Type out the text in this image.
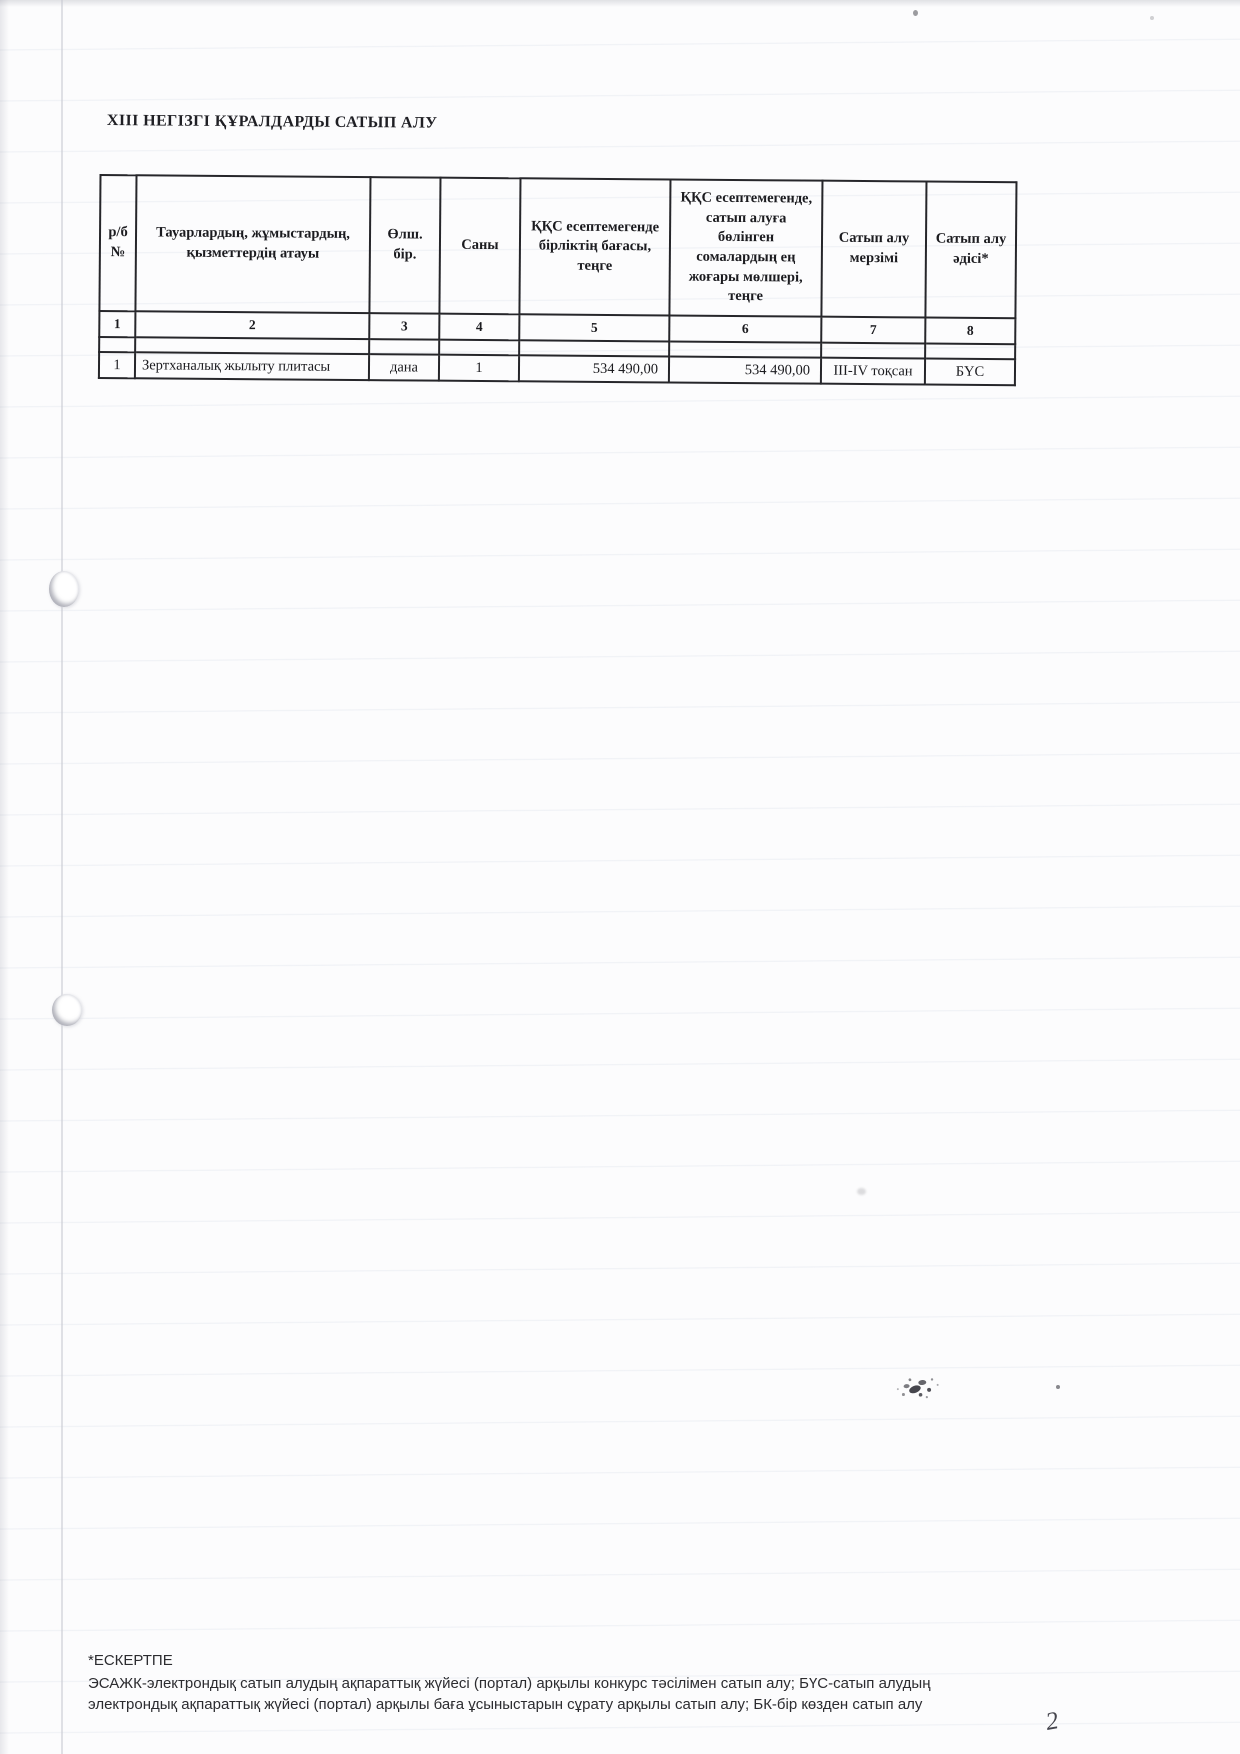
XIII НЕГІЗГІ ҚҰРАЛДАРДЫ САТЫП АЛУ
р/б
№	Тауарлардың, жұмыстардың, қызметтердің атауы	Өлш. бір.	Саны	ҚҚС есептемегенде бірліктің бағасы, теңге	ҚҚС есептемегенде, сатып алуға бөлінген сомалардың ең жоғары мөлшері, теңге	Сатып алу мерзімі	Сатып алу әдісі*
1	2	3	4	5	6	7	8

1	Зертханалық жылыту плитасы	дана	1	534 490,00	534 490,00	III-IV тоқсан	БҮС
*ЕСКЕРТПЕ
ЭСАЖК-электрондық сатып алудың ақпараттық жүйесі (портал) арқылы конкурс тәсілімен сатып алу; БҮС-сатып алудың электрондық ақпараттық жүйесі (портал) арқылы баға ұсыныстарын сұрату арқылы сатып алу; БК-бір көзден сатып алу
2
